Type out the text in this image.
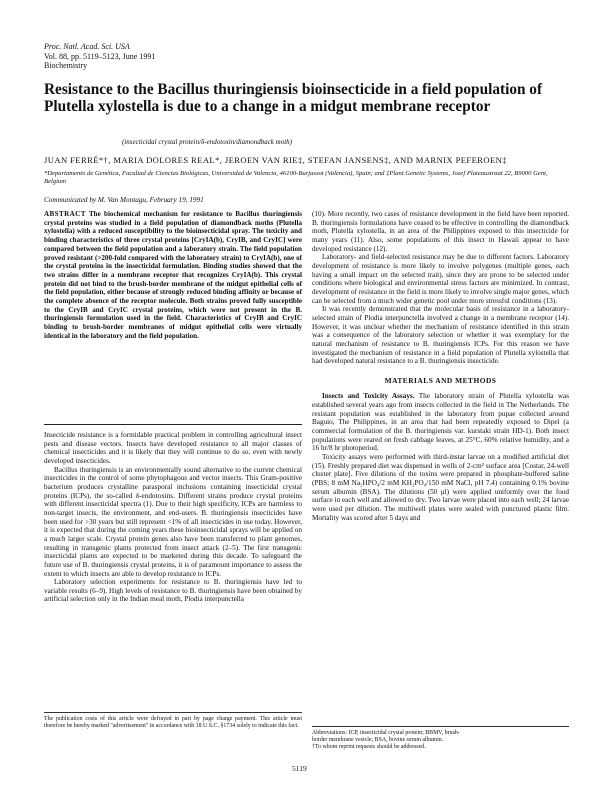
Proc. Natl. Acad. Sci. USA
Vol. 88, pp. 5119–5123, June 1991
Biochemistry
Resistance to the Bacillus thuringiensis bioinsecticide in a field population of Plutella xylostella is due to a change in a midgut membrane receptor
(insecticidal crystal protein/δ-endotoxin/diamondback moth)
JUAN FERRÉ*†, MARIA DOLORES REAL*, JEROEN VAN RIE‡, STEFAN JANSENS‡, AND MARNIX PEFEROEN‡
*Departamento de Genética, Facultad de Ciencias Biológicas, Universidad de Valencia, 46100-Burjassot (Valencia), Spain; and ‡Plant Genetic Systems, Jozef Plateaustraat 22, B9000 Gent, Belgium
Communicated by M. Van Montagu, February 19, 1991

ABSTRACT The biochemical mechanism for resistance to Bacillus thuringiensis crystal proteins was studied in a field population of diamondback moths (Plutella xylostella) with a reduced susceptibility to the bioinsecticidal spray. The toxicity and binding characteristics of three crystal proteins [CryIA(b), CryIB, and CryIC] were compared between the field population and a laboratory strain. The field population proved resistant (>200-fold compared with the laboratory strain) to CryIA(b), one of the crystal proteins in the insecticidal formulation. Binding studies showed that the two strains differ in a membrane receptor that recognizes CryIA(b). This crystal protein did not bind to the brush-border membrane of the midgut epithelial cells of the field population, either because of strongly reduced binding affinity or because of the complete absence of the receptor molecule. Both strains proved fully susceptible to the CryIB and CryIC crystal proteins, which were not present in the B. thuringiensis formulation used in the field. Characteristics of CryIB and CryIC binding to brush-border membranes of midgut epithelial cells were virtually identical in the laboratory and the field population.

Insecticide resistance is a formidable practical problem in controlling agricultural insect pests and disease vectors. Insects have developed resistance to all major classes of chemical insecticides and it is likely that they will continue to do so, even with newly developed insecticides.

Bacillus thuringiensis is an environmentally sound alternative to the current chemical insecticides in the control of some phytophagous and vector insects. This Gram-positive bacterium produces crystalline parasporal inclusions containing insecticidal crystal proteins (ICPs), the so-called δ-endotoxins. Different strains produce crystal proteins with different insecticidal spectra (1). Due to their high specificity, ICPs are harmless to non-target insects, the environment, and end-users. B. thuringiensis insecticides have been used for >30 years but still represent <1% of all insecticides in use today. However, it is expected that during the coming years these bioinsecticidal sprays will be applied on a much larger scale. Crystal protein genes also have been transferred to plant genomes, resulting in transgenic plants protected from insect attack (2–5). The first transgenic insecticidal plants are expected to be marketed during this decade. To safeguard the future use of B. thuringiensis crystal proteins, it is of paramount importance to assess the extent to which insects are able to develop resistance to ICPs.

Laboratory selection experiments for resistance to B. thuringiensis have led to variable results (6–9). High levels of resistance to B. thuringiensis have been obtained by artificial selection only in the Indian meal moth, Plodia interpunctella

The publication costs of this article were defrayed in part by page charge payment. This article must therefore be hereby marked "advertisement" in accordance with 18 U.S.C. §1734 solely to indicate this fact.

(10). More recently, two cases of resistance development in the field have been reported. B. thuringiensis formulations have ceased to be effective in controlling the diamondback moth, Plutella xylostella, in an area of the Philippines exposed to this insecticide for many years (11). Also, some populations of this insect in Hawaii appear to have developed resistance (12).

Laboratory- and field-selected resistance may be due to different factors. Laboratory development of resistance is more likely to involve polygenes (multiple genes, each having a small impact on the selected trait), since they are prone to be selected under conditions where biological and environmental stress factors are minimized. In contrast, development of resistance in the field is more likely to involve single major genes, which can be selected from a much wider genetic pool under more stressful conditions (13).

It was recently demonstrated that the molecular basis of resistance in a laboratory-selected strain of Plodia interpunctella involved a change in a membrane receptor (14). However, it was unclear whether the mechanism of resistance identified in this strain was a consequence of the laboratory selection or whether it was exemplary for the natural mechanism of resistance to B. thuringiensis ICPs. For this reason we have investigated the mechanism of resistance in a field population of Plutella xylostella that had developed natural resistance to a B. thuringiensis insecticide.

MATERIALS AND METHODS

Insects and Toxicity Assays. The laboratory strain of Plutella xylostella was established several years ago from insects collected in the field in The Netherlands. The resistant population was established in the laboratory from pupae collected around Baguio, The Philippines, in an area that had been repeatedly exposed to Dipel (a commercial formulation of the B. thuringiensis var. kurstaki strain HD-1). Both insect populations were reared on fresh cabbage leaves, at 25°C, 60% relative humidity, and a 16 hr/8 hr photoperiod.

Toxicity assays were performed with third-instar larvae on a modified artificial diet (15). Freshly prepared diet was dispensed in wells of 2-cm² surface area [Costar, 24-well cluster plate]. Five dilutions of the toxins were prepared in phosphate-buffered saline (PBS; 8 mM Na₂HPO₄/2 mM KH₂PO₄/150 mM NaCl, pH 7.4) containing 0.1% bovine serum albumin (BSA). The dilutions (50 μl) were applied uniformly over the food surface in each well and allowed to dry. Two larvae were placed into each well; 24 larvae were used per dilution. The multiwell plates were sealed with punctured plastic film. Mortality was scored after 5 days and

Abbreviations: ICP, insecticidal crystal protein; BBMV, brush-
border membrane vesicle; BSA, bovine serum albumin.
†To whom reprint requests should be addressed.
5119
